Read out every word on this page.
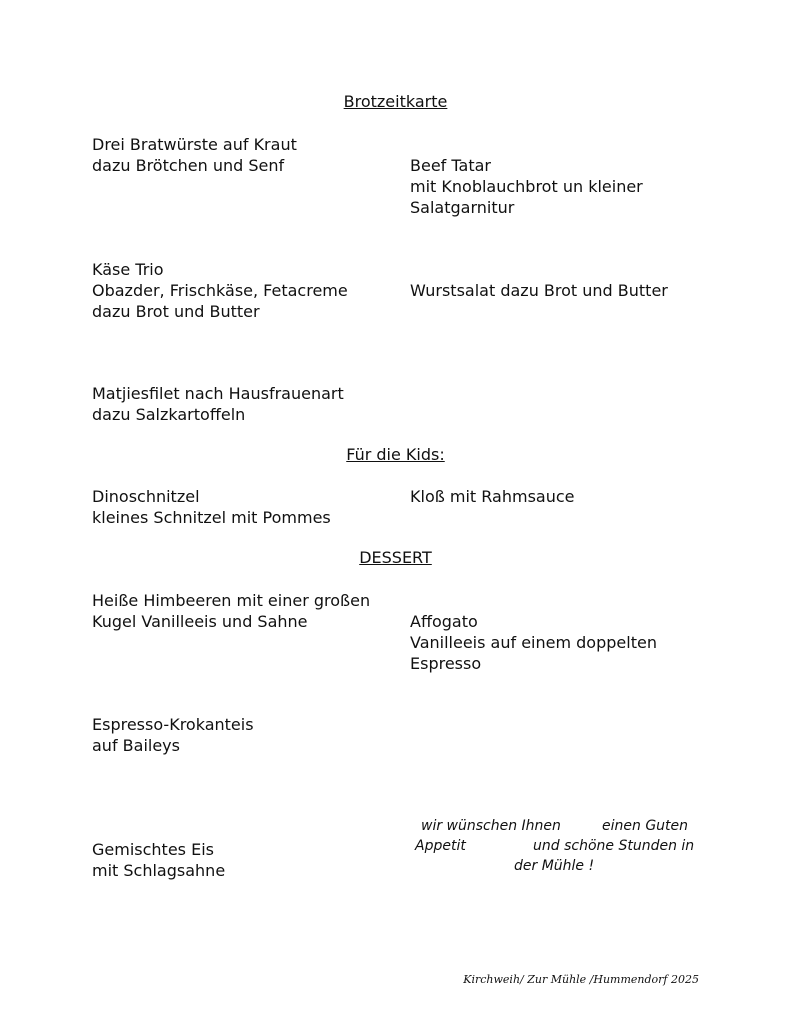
Brotzeitkarte

Drei Bratwürste auf Kraut

dazu Brötchen und Senf	Beef Tatar

mit Knoblauchbrot un kleiner

Salatgarnitur

Käse Trio

Obazder, Frischkäse, Fetacreme

dazu Brot und Butter

Wurstsalat dazu Brot und Butter

Matjiesfilet nach Hausfrauenart

dazu Salzkartoffeln

Für die Kids:

Dinoschnitzel

kleines Schnitzel mit Pommes

Kloß mit Rahmsauce

DESSERT

Heiße Himbeeren mit einer großen

Kugel Vanilleeis und Sahne	Affogato

Vanilleeis auf einem doppelten

Espresso

Espresso-Krokanteis

auf Baileys

Gemischtes Eis

mit Schlagsahne

wir wünschen Ihnen	einen Guten

Appetit	und schöne Stunden in

der Mühle !

Kirchweih/ Zur Mühle /Hummendorf 2025
